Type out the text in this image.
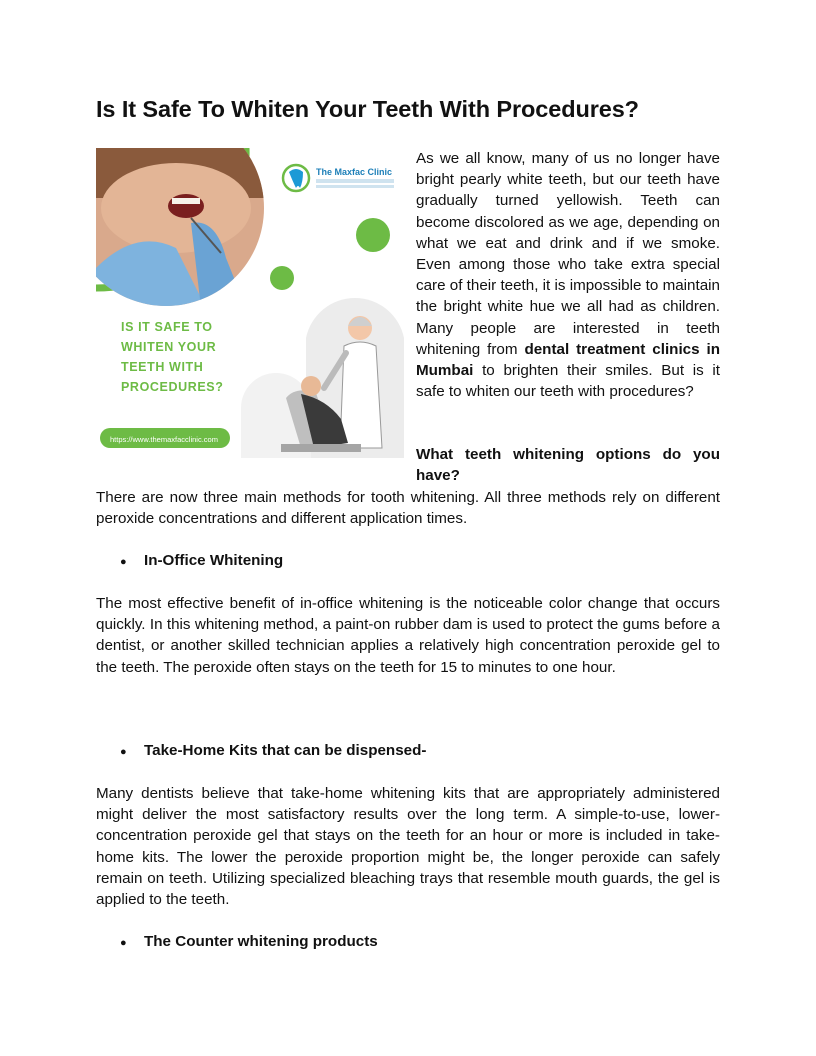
Is It Safe To Whiten Your Teeth With Procedures?
The Maxfac Clinic
IS IT SAFE TO
WHITEN YOUR
TEETH WITH
PROCEDURES?
https://www.themaxfacclinic.com

As we all know, many of us no longer have bright pearly white teeth, but our teeth have gradually turned yellowish. Teeth can become discolored as we age, depending on what we eat and drink and if we smoke. Even among those who take extra special care of their teeth, it is impossible to maintain the bright white hue we all had as children. Many people are interested in teeth whitening from dental treatment clinics in Mumbai to brighten their smiles. But is it safe to whiten our teeth with procedures?

What teeth whitening options do you have?

There are now three main methods for tooth whitening. All three methods rely on different peroxide concentrations and different application times.

● In-Office Whitening

The most effective benefit of in-office whitening is the noticeable color change that occurs quickly. In this whitening method, a paint-on rubber dam is used to protect the gums before a dentist, or another skilled technician applies a relatively high concentration peroxide gel to the teeth. The peroxide often stays on the teeth for 15 to minutes to one hour.

● Take-Home Kits that can be dispensed-

Many dentists believe that take-home whitening kits that are appropriately administered might deliver the most satisfactory results over the long term. A simple-to-use, lower-concentration peroxide gel that stays on the teeth for an hour or more is included in take-home kits. The lower the peroxide proportion might be, the longer peroxide can safely remain on teeth. Utilizing specialized bleaching trays that resemble mouth guards, the gel is applied to the teeth.

● The Counter whitening products
